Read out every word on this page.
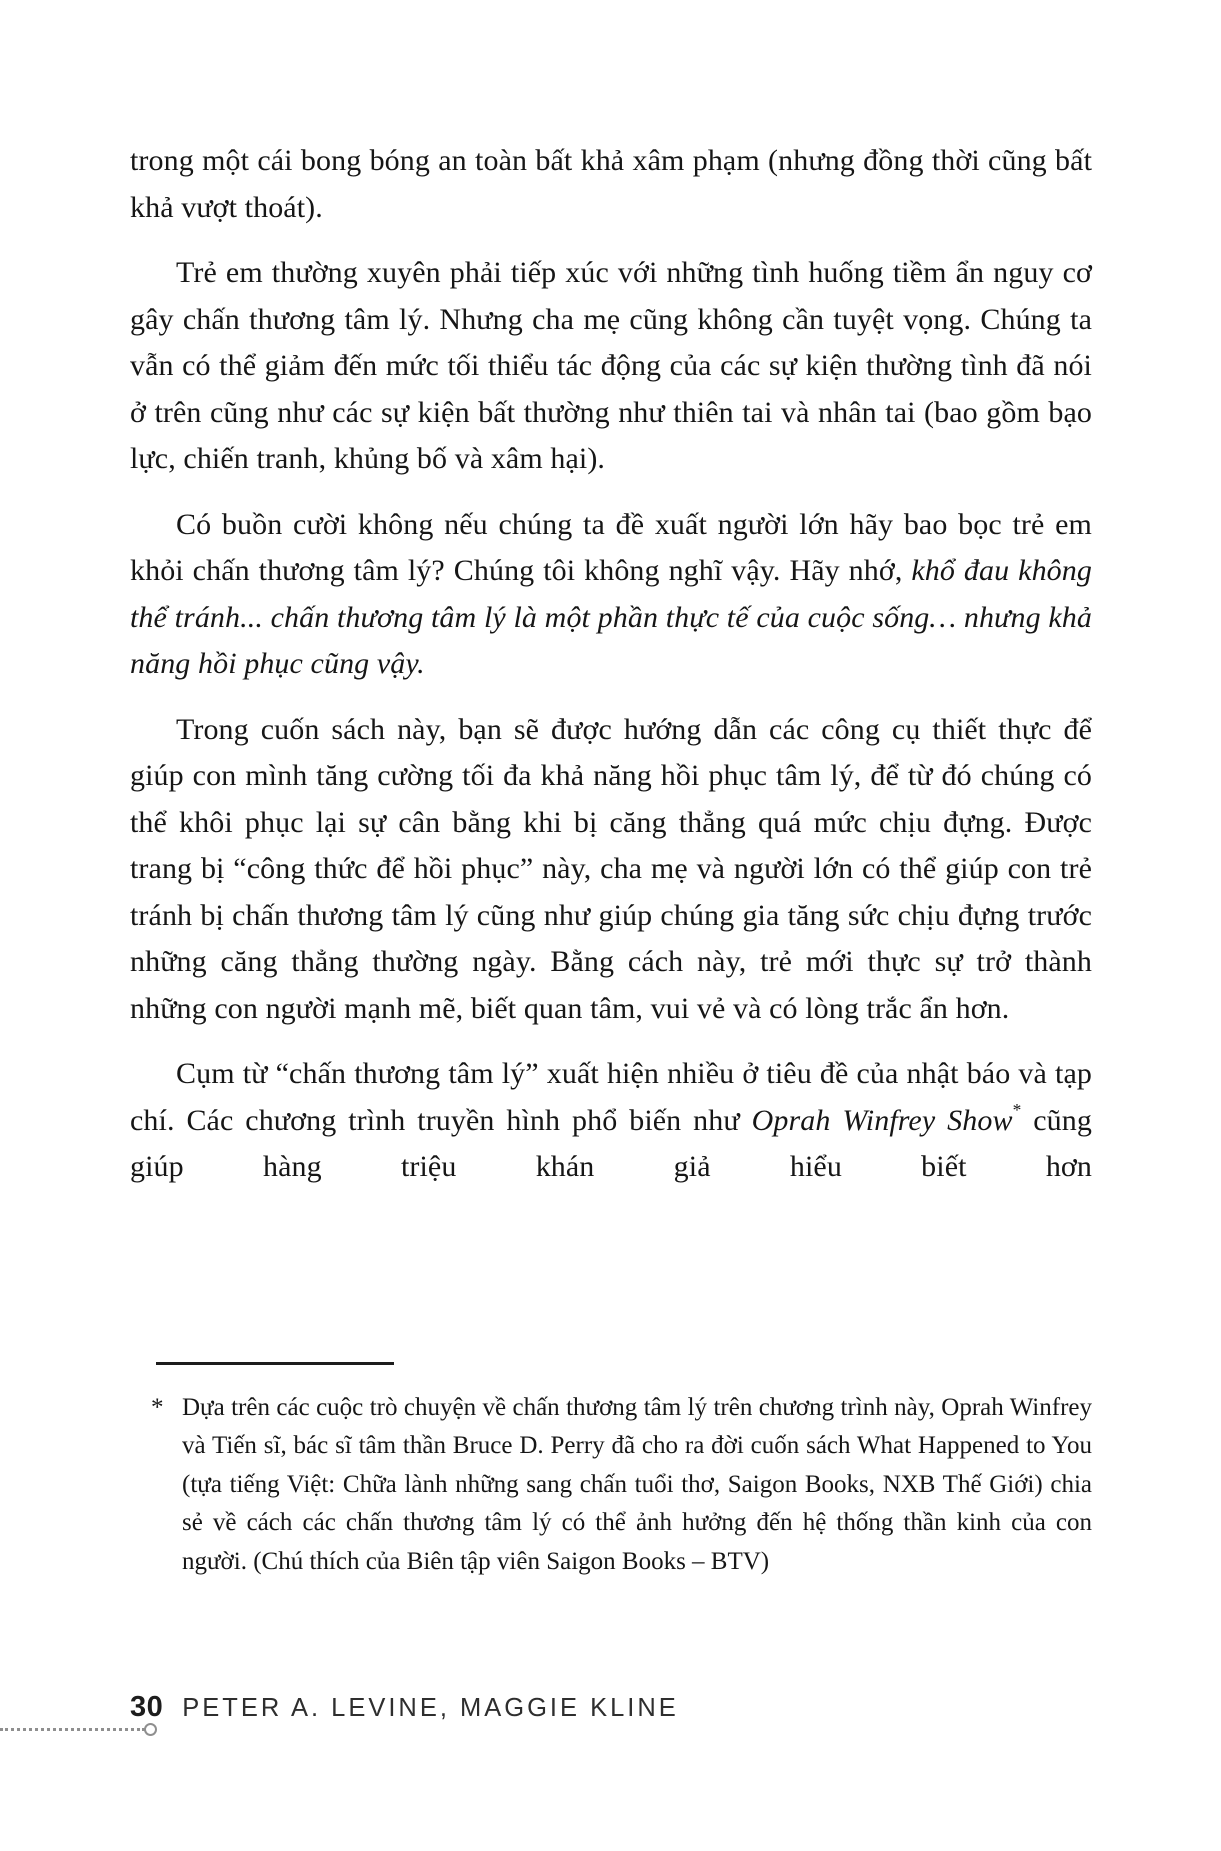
trong một cái bong bóng an toàn bất khả xâm phạm (nhưng đồng thời cũng bất khả vượt thoát).

Trẻ em thường xuyên phải tiếp xúc với những tình huống tiềm ẩn nguy cơ gây chấn thương tâm lý. Nhưng cha mẹ cũng không cần tuyệt vọng. Chúng ta vẫn có thể giảm đến mức tối thiểu tác động của các sự kiện thường tình đã nói ở trên cũng như các sự kiện bất thường như thiên tai và nhân tai (bao gồm bạo lực, chiến tranh, khủng bố và xâm hại).

Có buồn cười không nếu chúng ta đề xuất người lớn hãy bao bọc trẻ em khỏi chấn thương tâm lý? Chúng tôi không nghĩ vậy. Hãy nhớ, khổ đau không thể tránh... chấn thương tâm lý là một phần thực tế của cuộc sống… nhưng khả năng hồi phục cũng vậy.

Trong cuốn sách này, bạn sẽ được hướng dẫn các công cụ thiết thực để giúp con mình tăng cường tối đa khả năng hồi phục tâm lý, để từ đó chúng có thể khôi phục lại sự cân bằng khi bị căng thẳng quá mức chịu đựng. Được trang bị “công thức để hồi phục” này, cha mẹ và người lớn có thể giúp con trẻ tránh bị chấn thương tâm lý cũng như giúp chúng gia tăng sức chịu đựng trước những căng thẳng thường ngày. Bằng cách này, trẻ mới thực sự trở thành những con người mạnh mẽ, biết quan tâm, vui vẻ và có lòng trắc ẩn hơn.

Cụm từ “chấn thương tâm lý” xuất hiện nhiều ở tiêu đề của nhật báo và tạp chí. Các chương trình truyền hình phổ biến như Oprah Winfrey Show* cũng giúp hàng triệu khán giả hiểu biết hơn

* Dựa trên các cuộc trò chuyện về chấn thương tâm lý trên chương trình này, Oprah Winfrey và Tiến sĩ, bác sĩ tâm thần Bruce D. Perry đã cho ra đời cuốn sách What Happened to You (tựa tiếng Việt: Chữa lành những sang chấn tuổi thơ, Saigon Books, NXB Thế Giới) chia sẻ về cách các chấn thương tâm lý có thể ảnh hưởng đến hệ thống thần kinh của con người. (Chú thích của Biên tập viên Saigon Books – BTV)
30 PETER A. LEVINE, MAGGIE KLINE
